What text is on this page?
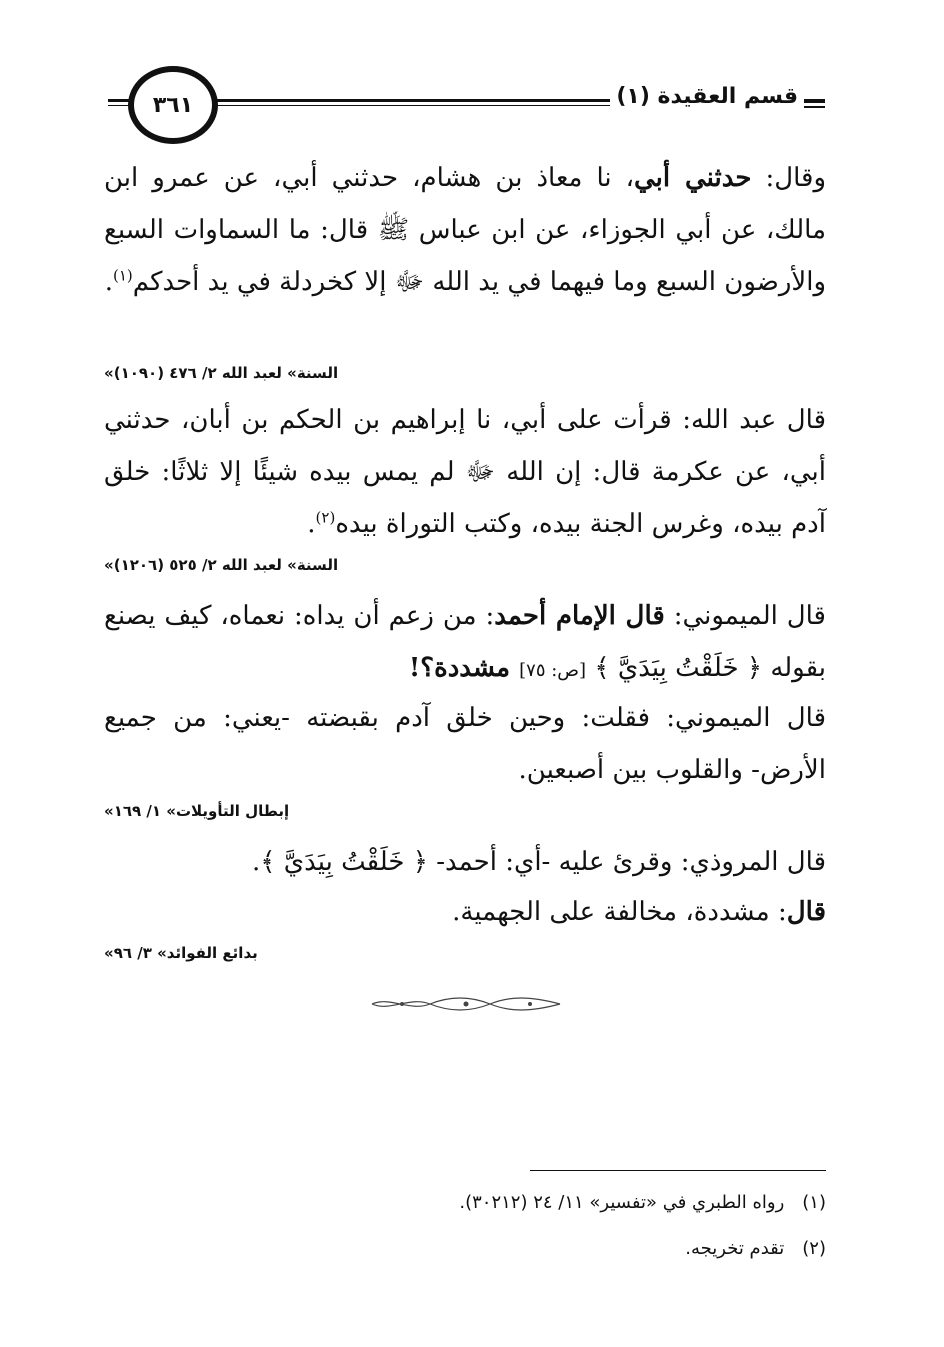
قسم العقيدة (١)
٣٦١
وقال: حدثني أبي، نا معاذ بن هشام، حدثني أبي، عن عمرو ابن مالك، عن أبي الجوزاء، عن ابن عباس ﷺ قال: ما السماوات السبع والأرضون السبع وما فيهما في يد الله ﷻ إلا كخردلة في يد أحدكم$^{(١)}$.
«السنة» لعبد الله ٢/ ٤٧٦ (١٠٩٠)
قال عبد الله: قرأت على أبي، نا إبراهيم بن الحكم بن أبان، حدثني أبي، عن عكرمة قال: إن الله ﷻ لم يمس بيده شيئًا إلا ثلاثًا: خلق آدم بيده، وغرس الجنة بيده، وكتب التوراة بيده$^{(٢)}$.
«السنة» لعبد الله ٢/ ٥٢٥ (١٢٠٦)
قال الميموني: قال الإمام أحمد: من زعم أن يداه: نعماه، كيف يصنع بقوله ﴿ خَلَقْتُ بِيَدَيَّ ﴾ [ص: ٧٥] مشددة؟!
قال الميموني: فقلت: وحين خلق آدم بقبضته -يعني: من جميع الأرض- والقلوب بين أصبعين.
«إبطال التأويلات» ١/ ١٦٩
قال المروذي: وقرئ عليه -أي: أحمد- ﴿ خَلَقْتُ بِيَدَيَّ ﴾.
قال: مشددة، مخالفة على الجهمية.
«بدائع الفوائد» ٣/ ٩٦
(١)رواه الطبري في «تفسير» ١١/ ٢٤ (٣٠٢١٢).
(٢)تقدم تخريجه.
